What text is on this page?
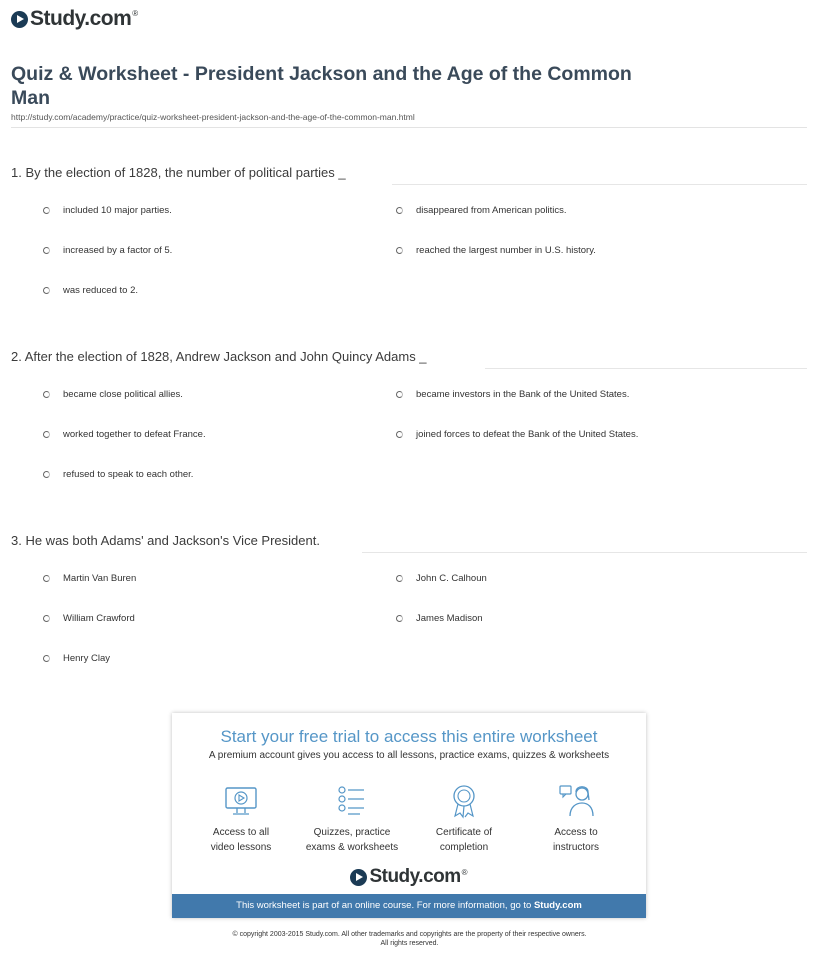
Study.com ®
Quiz & Worksheet - President Jackson and the Age of the Common Man
http://study.com/academy/practice/quiz-worksheet-president-jackson-and-the-age-of-the-common-man.html
1. By the election of 1828, the number of political parties _
included 10 major parties.	disappeared from American politics.
increased by a factor of 5.	reached the largest number in U.S. history.
was reduced to 2.
2. After the election of 1828, Andrew Jackson and John Quincy Adams _
became close political allies.	became investors in the Bank of the United States.
worked together to defeat France.	joined forces to defeat the Bank of the United States.
refused to speak to each other.
3. He was both Adams' and Jackson's Vice President.
Martin Van Buren	John C. Calhoun
William Crawford	James Madison
Henry Clay
Start your free trial to access this entire worksheet
A premium account gives you access to all lessons, practice exams, quizzes & worksheets
Access to all
video lessons
Quizzes, practice
exams & worksheets
Certificate of
completion
Access to
instructors
Study.com ®
This worksheet is part of an online course. For more information, go to Study.com
© copyright 2003-2015 Study.com. All other trademarks and copyrights are the property of their respective owners.
All rights reserved.
